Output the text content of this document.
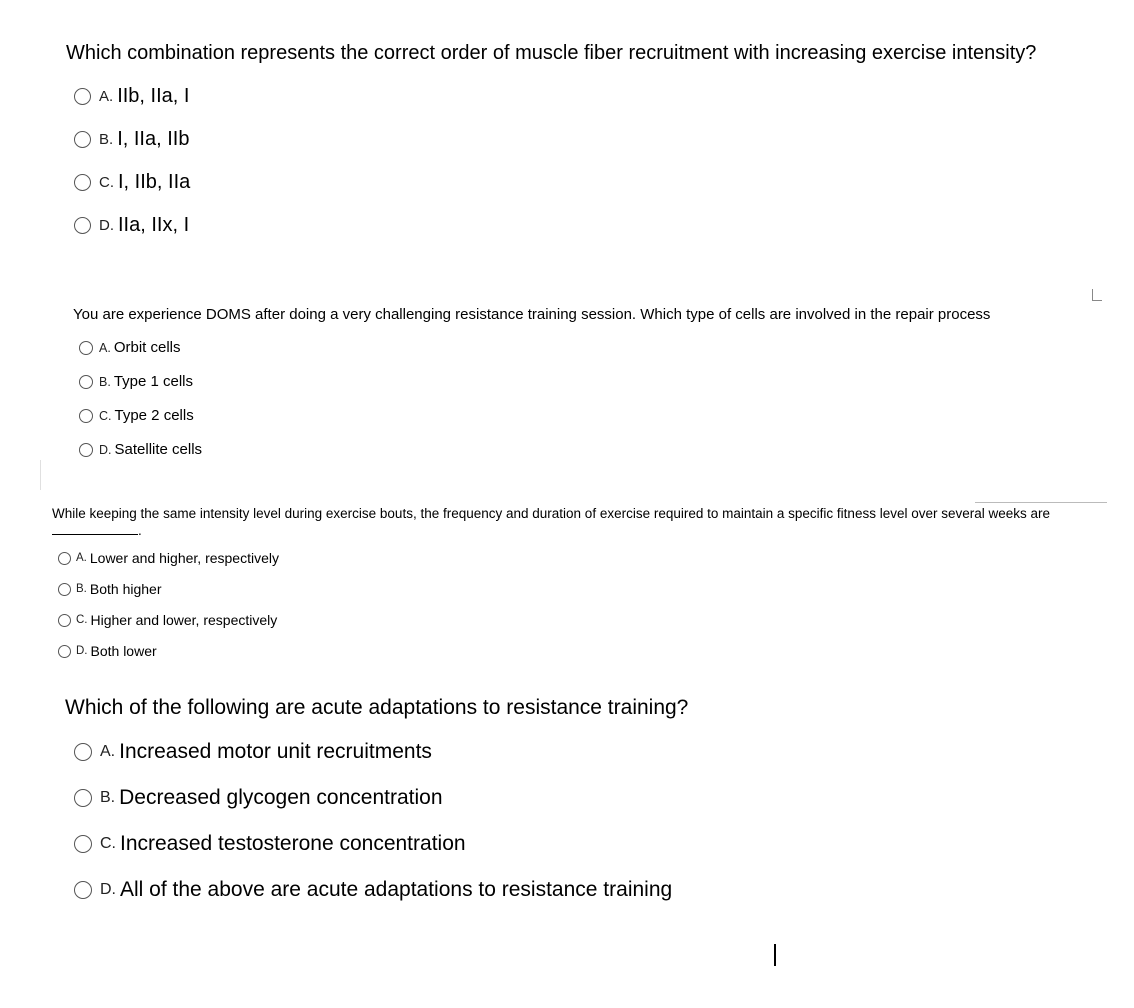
Which combination represents the correct order of muscle fiber recruitment with increasing exercise intensity?
A. IIb, IIa, I
B. I, IIa, IIb
C. I, IIb, IIa
D. IIa, IIx, I
You are experience DOMS after doing a very challenging resistance training session. Which type of cells are involved in the repair process
A. Orbit cells
B. Type 1 cells
C. Type 2 cells
D. Satellite cells
While keeping the same intensity level during exercise bouts, the frequency and duration of exercise required to maintain a specific fitness level over several weeks are .
A. Lower and higher, respectively
B. Both higher
C. Higher and lower, respectively
D. Both lower
Which of the following are acute adaptations to resistance training?
A. Increased motor unit recruitments
B. Decreased glycogen concentration
C. Increased testosterone concentration
D. All of the above are acute adaptations to resistance training
